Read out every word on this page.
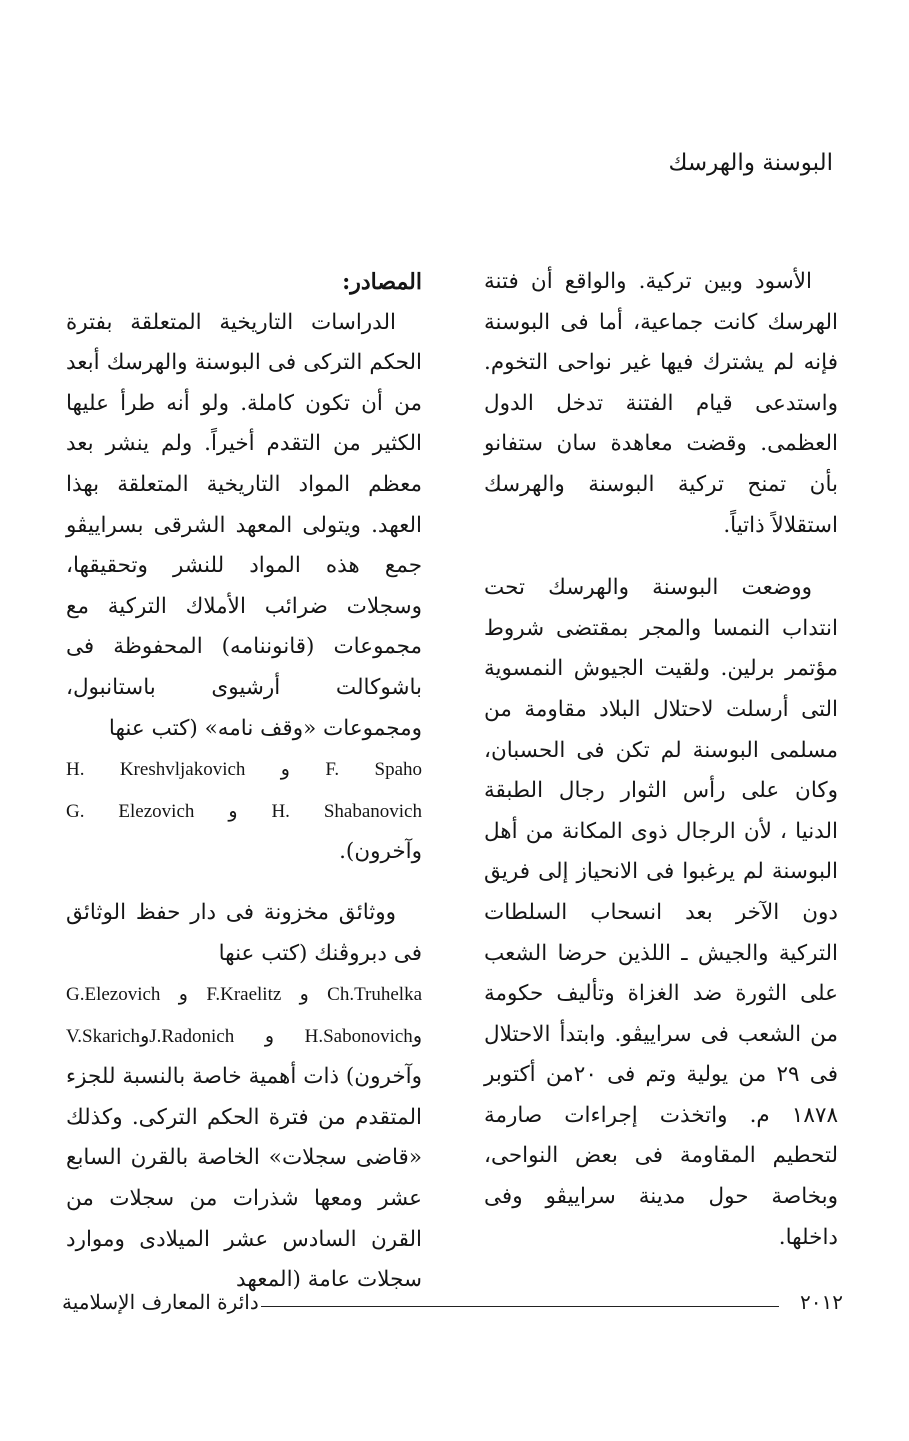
البوسنة والهرسك

الأسود وبين تركية. والواقع أن فتنة الهرسك كانت جماعية، أما فى البوسنة فإنه لم يشترك فيها غير نواحى التخوم. واستدعى قيام الفتنة تدخل الدول العظمى. وقضت معاهدة سان ستفانو بأن تمنح تركية البوسنة والهرسك استقلالاً ذاتياً.

ووضعت البوسنة والهرسك تحت انتداب النمسا والمجر بمقتضى شروط مؤتمر برلين. ولقيت الجيوش النمسوية التى أرسلت لاحتلال البلاد مقاومة من مسلمى البوسنة لم تكن فى الحسبان، وكان على رأس الثوار رجال الطبقة الدنيا ، لأن الرجال ذوى المكانة من أهل البوسنة لم يرغبوا فى الانحياز إلى فريق دون الآخر بعد انسحاب السلطات التركية والجيش ـ اللذين حرضا الشعب على الثورة ضد الغزاة وتأليف حكومة من الشعب فى سراييڤو. وابتدأ الاحتلال فى ٢٩ من يولية وتم فى ٢٠من أكتوبر ١٨٧٨ م. واتخذت إجراءات صارمة لتحطيم المقاومة فى بعض النواحى، وبخاصة حول مدينة سراييڤو وفى داخلها.

المصادر:

الدراسات التاريخية المتعلقة بفترة الحكم التركى فى البوسنة والهرسك أبعد من أن تكون كاملة. ولو أنه طرأ عليها الكثير من التقدم أخيراً. ولم ينشر بعد معظم المواد التاريخية المتعلقة بهذا العهد. ويتولى المعهد الشرقى بسراييڤو جمع هذه المواد للنشر وتحقيقها، وسجلات ضرائب الأملاك التركية مع مجموعات (قانوننامه) المحفوظة فى باشوكالت أرشيوى باستانبول، ومجموعات «وقف نامه» (كتب عنها
H. Kreshvljakovich و F. Spaho
G. Elezovich و H. Shabanovich
وآخرون).

ووثائق مخزونة فى دار حفظ الوثائق فى دبروڤنك (كتب عنها
G.Elezovich و F.Kraelitz و Ch.Truhelka
V.SkarichوJ.Radonich و H.Sabonovichو
وآخرون) ذات أهمية خاصة بالنسبة للجزء المتقدم من فترة الحكم التركى. وكذلك «قاضى سجلات» الخاصة بالقرن السابع عشر ومعها شذرات من سجلات من القرن السادس عشر الميلادى وموارد سجلات عامة (المعهد

٢٠١٢
دائرة المعارف الإسلامية
